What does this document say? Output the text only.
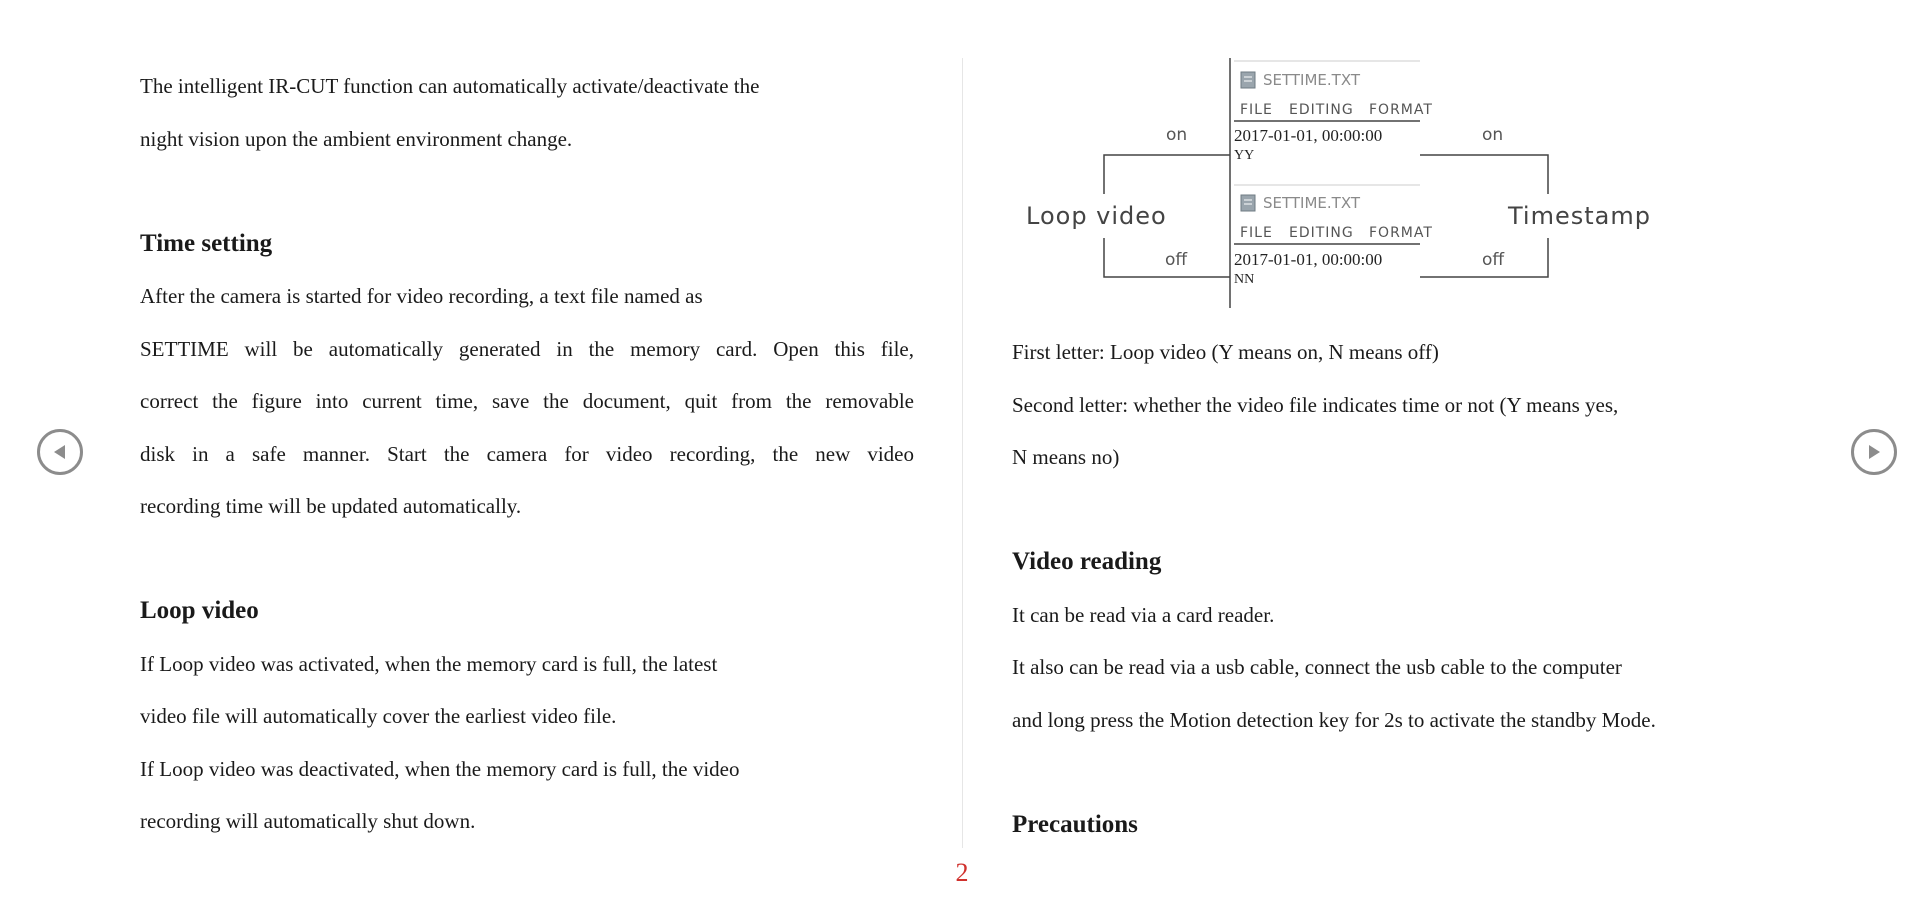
The intelligent IR-CUT function can automatically activate/deactivate the

night vision upon the ambient environment change.

Time setting

After the camera is started for video recording, a text file named as

SETTIME will be automatically generated in the memory card. Open this file,

correct the figure into current time, save the document, quit from the removable

disk in a safe manner. Start the camera for video recording, the new video

recording time will be updated automatically.

Loop video

If Loop video was activated, when the memory card is full, the latest

video file will automatically cover the earliest video file.

If Loop video was deactivated, when the memory card is full, the video

recording will automatically shut down.

SETTIME.TXT
FILE EDITING FORMAT
2017-01-01, 00:00:00
YY
SETTIME.TXT
FILE EDITING FORMAT
2017-01-01, 00:00:00
NN
on
off
on
off
Loop video	Timestamp

First letter: Loop video (Y means on, N means off)

Second letter: whether the video file indicates time or not (Y means yes,

N means no)

Video reading

It can be read via a card reader.

It also can be read via a usb cable, connect the usb cable to the computer

and long press the Motion detection key for 2s to activate the standby Mode.

Precautions
2
